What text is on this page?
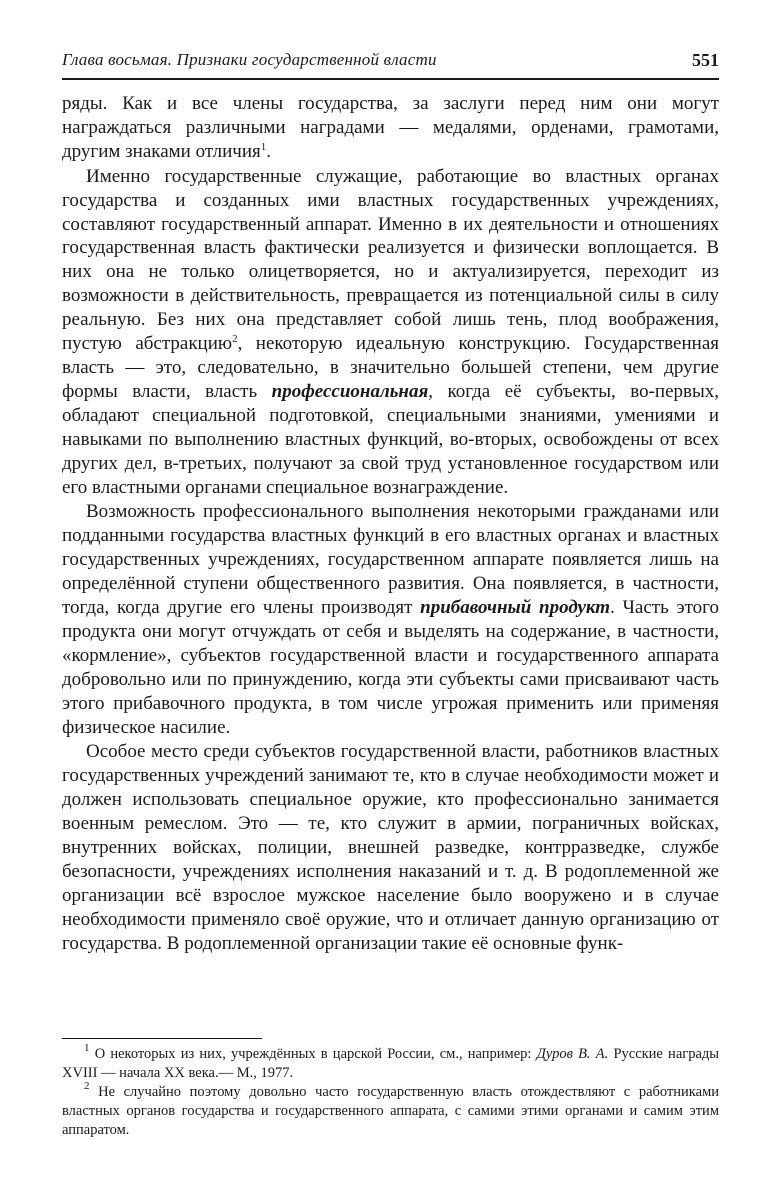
Глава восьмая. Признаки государственной власти	551

ряды. Как и все члены государства, за заслуги перед ним они могут награждаться различными наградами — медалями, орденами, грамотами, другим знаками отличия$^1$.

Именно государственные служащие, работающие во властных органах государства и созданных ими властных государственных учреждениях, составляют государственный аппарат. Именно в их деятельности и отношениях государственная власть фактически реализуется и физически воплощается. В них она не только олицетворяется, но и актуализируется, переходит из возможности в действительность, превращается из потенциальной силы в силу реальную. Без них она представляет собой лишь тень, плод воображения, пустую абстракцию$^2$, некоторую идеальную конструкцию. Государственная власть — это, следовательно, в значительно большей степени, чем другие формы власти, власть профессиональная, когда её субъекты, во-первых, обладают специальной подготовкой, специальными знаниями, умениями и навыками по выполнению властных функций, во-вторых, освобождены от всех других дел, в-третьих, получают за свой труд установленное государством или его властными органами специальное вознаграждение.

Возможность профессионального выполнения некоторыми гражданами или подданными государства властных функций в его властных органах и властных государственных учреждениях, государственном аппарате появляется лишь на определённой ступени общественного развития. Она появляется, в частности, тогда, когда другие его члены производят прибавочный продукт. Часть этого продукта они могут отчуждать от себя и выделять на содержание, в частности, «кормление», субъектов государственной власти и государственного аппарата добровольно или по принуждению, когда эти субъекты сами присваивают часть этого прибавочного продукта, в том числе угрожая применить или применяя физическое насилие.

Особое место среди субъектов государственной власти, работников властных государственных учреждений занимают те, кто в случае необходимости может и должен использовать специальное оружие, кто профессионально занимается военным ремеслом. Это — те, кто служит в армии, пограничных войсках, внутренних войсках, полиции, внешней разведке, контрразведке, службе безопасности, учреждениях исполнения наказаний и т. д. В родоплеменной же организации всё взрослое мужское население было вооружено и в случае необходимости применяло своё оружие, что и отличает данную организацию от государства. В родоплеменной организации такие её основные функ-

$^1$ О некоторых из них, учреждённых в царской России, см., например: Дуров В. А. Русские награды XVIII — начала XX века.— М., 1977.

$^2$ Не случайно поэтому довольно часто государственную власть отождествляют с работниками властных органов государства и государственного аппарата, с самими этими органами и самим этим аппаратом.
